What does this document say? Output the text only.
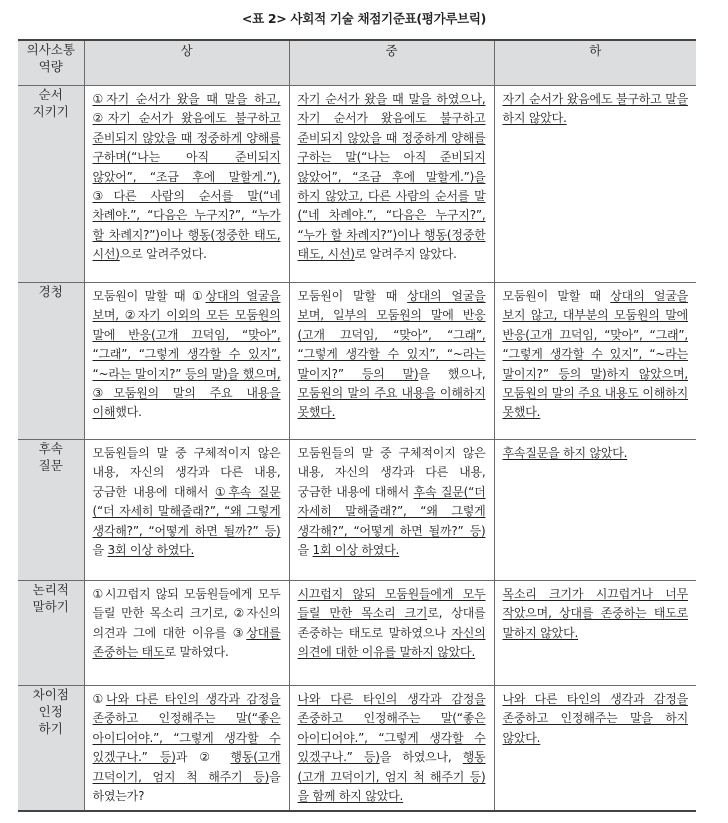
<표 2> 사회적 기술 채점기준표(평가루브릭)
의사소통
역량	상	중	하
순서
지키기	①자기 순서가 왔을 때 말을 하고, ②자기 순서가 왔음에도 불구하고 준비되지 않았을 때 정중하게 양해를 구하며(“나는 아직 준비되지 않았어”, “조금 후에 말할게.”), ③다른 사람의 순서를 말(“네 차례야.”, “다음은 누구지?”, “누가 할 차례지?”)이나 행동(정중한 태도, 시선)으로 알려주었다.	자기 순서가 왔을 때 말을 하였으나, 자기 순서가 왔음에도 불구하고 준비되지 않았을 때 정중하게 양해를 구하는 말(“나는 아직 준비되지 않았어”, “조금 후에 말할게.”)을 하지 않았고, 다른 사람의 순서를 말(“네 차례야.”, “다음은 누구지?”, “누가 할 차례지?”)이나 행동(정중한 태도, 시선)로 알려주지 않았다.	자기 순서가 왔음에도 불구하고 말을 하지 않았다.
경청	모둠원이 말할 때 ①상대의 얼굴을 보며, ②자기 이외의 모든 모둠원의 말에 반응(고개 끄덕임, “맞아”, “그래”, “그렇게 생각할 수 있지”, “~라는 말이지?” 등의 말)을 했으며, ③모둠원의 말의 주요 내용을 이해했다.	모둠원이 말할 때 상대의 얼굴을 보며, 일부의 모둠원의 말에 반응(고개 끄덕임, “맞아”, “그래”, “그렇게 생각할 수 있지”, “~라는 말이지?” 등의 말)을 했으나, 모둠원의 말의 주요 내용을 이해하지 못했다.	모둠원이 말할 때 상대의 얼굴을 보지 않고, 대부분의 모둠원의 말에 반응(고개 끄덕임, “맞아”, “그래”, “그렇게 생각할 수 있지”, “~라는 말이지?” 등의 말)하지 않았으며, 모둠원의 말의 주요 내용도 이해하지 못했다.
후속
질문	모둠원들의 말 중 구체적이지 않은 내용, 자신의 생각과 다른 내용, 궁금한 내용에 대해서 ①후속 질문(“더 자세히 말해줄래?”, “왜 그렇게 생각해?”, “어떻게 하면 될까?” 등)을 3회 이상 하였다.	모둠원들의 말 중 구체적이지 않은 내용, 자신의 생각과 다른 내용, 궁금한 내용에 대해서 후속 질문(“더 자세히 말해줄래?”, “왜 그렇게 생각해?”, “어떻게 하면 될까?” 등)을 1회 이상 하였다.	후속질문을 하지 않았다.
논리적
말하기	①시끄럽지 않되 모둠원들에게 모두 들릴 만한 목소리 크기로, ②자신의 의견과 그에 대한 이유를 ③상대를 존중하는 태도로 말하였다.	시끄럽지 않되 모둠원들에게 모두 들릴 만한 목소리 크기로, 상대를 존중하는 태도로 말하였으나 자신의 의견에 대한 이유를 말하지 않았다.	목소리 크기가 시끄럽거나 너무 작았으며, 상대를 존중하는 태도로 말하지 않았다.
차이점
인정
하기	①나와 다른 타인의 생각과 감정을 존중하고 인정해주는 말(“좋은 아이디어야.”, “그렇게 생각할 수 있겠구나.” 등)과 ② 행동(고개 끄덕이기, 엄지 척 해주기 등)을 하였는가?	나와 다른 타인의 생각과 감정을 존중하고 인정해주는 말(“좋은 아이디어야.”, “그렇게 생각할 수 있겠구나.” 등)을 하였으나, 행동(고개 끄덕이기, 엄지 척 해주기 등)을 함께 하지 않았다.	나와 다른 타인의 생각과 감정을 존중하고 인정해주는 말을 하지 않았다.
